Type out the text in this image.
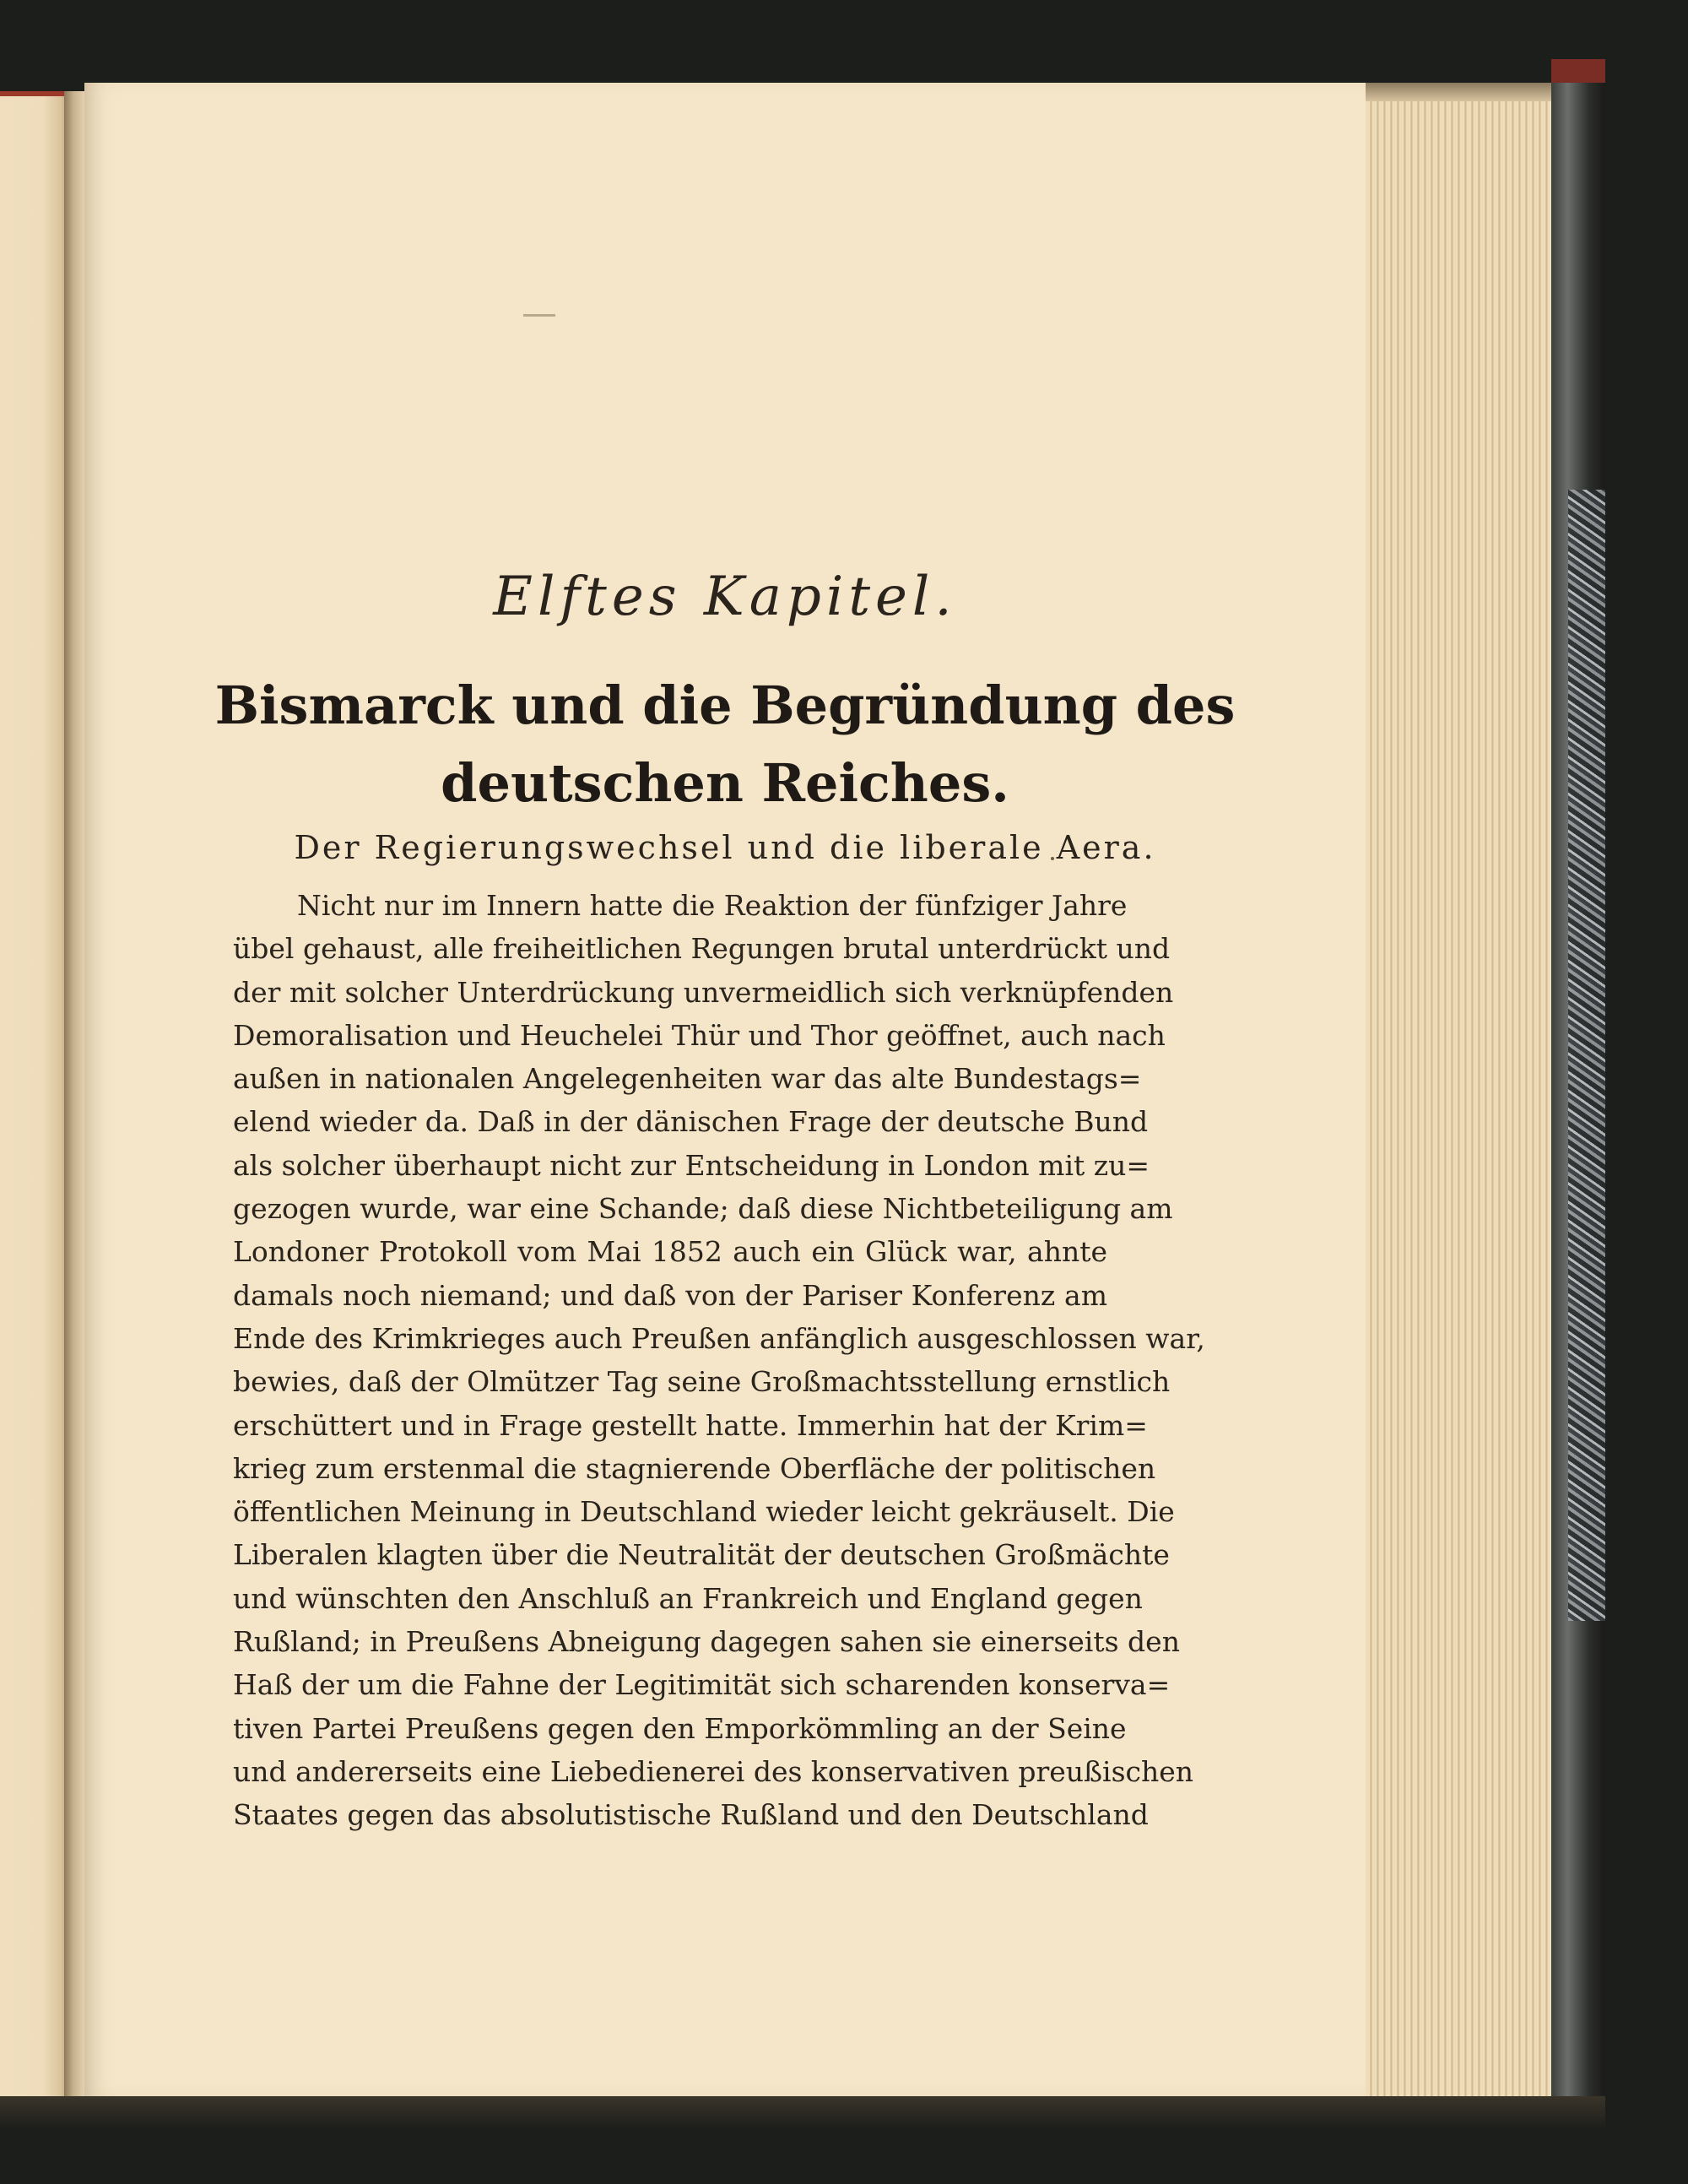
Elftes Kapitel.
Bismarck und die Begründung des
deutschen Reiches.
Der Regierungswechsel und die liberale Aera.
Nicht nur im Innern hatte die Reaktion der fünfziger Jahre
übel gehaust, alle freiheitlichen Regungen brutal unterdrückt und
der mit solcher Unterdrückung unvermeidlich sich verknüpfenden
Demoralisation und Heuchelei Thür und Thor geöffnet, auch nach
außen in nationalen Angelegenheiten war das alte Bundestags=
elend wieder da. Daß in der dänischen Frage der deutsche Bund
als solcher überhaupt nicht zur Entscheidung in London mit zu=
gezogen wurde, war eine Schande; daß diese Nichtbeteiligung am
Londoner Protokoll vom Mai 1852 auch ein Glück war, ahnte
damals noch niemand; und daß von der Pariser Konferenz am
Ende des Krimkrieges auch Preußen anfänglich ausgeschlossen war,
bewies, daß der Olmützer Tag seine Großmachtsstellung ernstlich
erschüttert und in Frage gestellt hatte. Immerhin hat der Krim=
krieg zum erstenmal die stagnierende Oberfläche der politischen
öffentlichen Meinung in Deutschland wieder leicht gekräuselt. Die
Liberalen klagten über die Neutralität der deutschen Großmächte
und wünschten den Anschluß an Frankreich und England gegen
Rußland; in Preußens Abneigung dagegen sahen sie einerseits den
Haß der um die Fahne der Legitimität sich scharenden konserva=
tiven Partei Preußens gegen den Emporkömmling an der Seine
und andererseits eine Liebedienerei des konservativen preußischen
Staates gegen das absolutistische Rußland und den Deutschland
